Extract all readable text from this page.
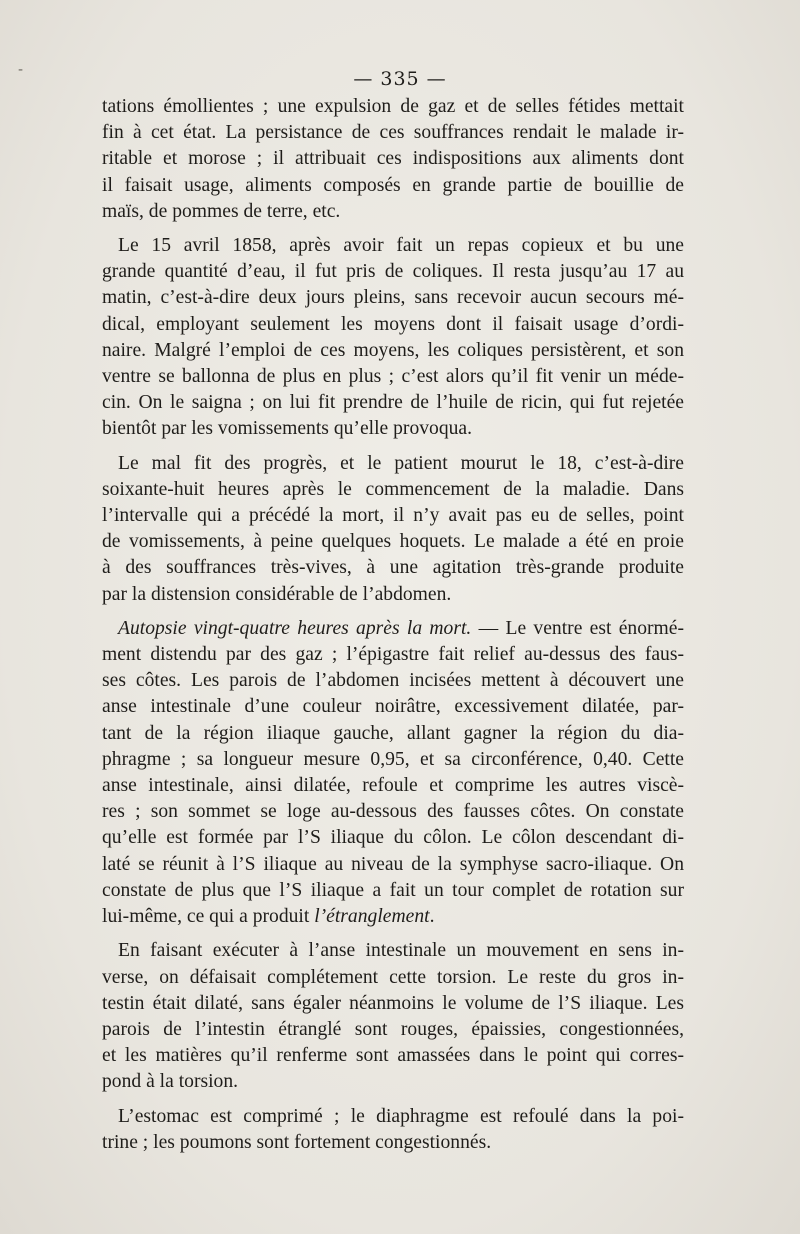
-	— 335 —

tations émollientes ; une expulsion de gaz et de selles fétides mettait
fin à cet état. La persistance de ces souffrances rendait le malade ir-
ritable et morose ; il attribuait ces indispositions aux aliments dont
il faisait usage, aliments composés en grande partie de bouillie de
maïs, de pommes de terre, etc.

Le 15 avril 1858, après avoir fait un repas copieux et bu une
grande quantité d’eau, il fut pris de coliques. Il resta jusqu’au 17 au
matin, c’est-à-dire deux jours pleins, sans recevoir aucun secours mé-
dical, employant seulement les moyens dont il faisait usage d’ordi-
naire. Malgré l’emploi de ces moyens, les coliques persistèrent, et son
ventre se ballonna de plus en plus ; c’est alors qu’il fit venir un méde-
cin. On le saigna ; on lui fit prendre de l’huile de ricin, qui fut rejetée
bientôt par les vomissements qu’elle provoqua.

Le mal fit des progrès, et le patient mourut le 18, c’est-à-dire
soixante-huit heures après le commencement de la maladie. Dans
l’intervalle qui a précédé la mort, il n’y avait pas eu de selles, point
de vomissements, à peine quelques hoquets. Le malade a été en proie
à des souffrances très-vives, à une agitation très-grande produite
par la distension considérable de l’abdomen.

Autopsie vingt-quatre heures après la mort. — Le ventre est énormé-
ment distendu par des gaz ; l’épigastre fait relief au-dessus des faus-
ses côtes. Les parois de l’abdomen incisées mettent à découvert une
anse intestinale d’une couleur noirâtre, excessivement dilatée, par-
tant de la région iliaque gauche, allant gagner la région du dia-
phragme ; sa longueur mesure 0,95, et sa circonférence, 0,40. Cette
anse intestinale, ainsi dilatée, refoule et comprime les autres viscè-
res ; son sommet se loge au-dessous des fausses côtes. On constate
qu’elle est formée par l’S iliaque du côlon. Le côlon descendant di-
laté se réunit à l’S iliaque au niveau de la symphyse sacro-iliaque. On
constate de plus que l’S iliaque a fait un tour complet de rotation sur
lui-même, ce qui a produit l’étranglement.

En faisant exécuter à l’anse intestinale un mouvement en sens in-
verse, on défaisait complétement cette torsion. Le reste du gros in-
testin était dilaté, sans égaler néanmoins le volume de l’S iliaque. Les
parois de l’intestin étranglé sont rouges, épaissies, congestionnées,
et les matières qu’il renferme sont amassées dans le point qui corres-
pond à la torsion.

L’estomac est comprimé ; le diaphragme est refoulé dans la poi-
trine ; les poumons sont fortement congestionnés.
